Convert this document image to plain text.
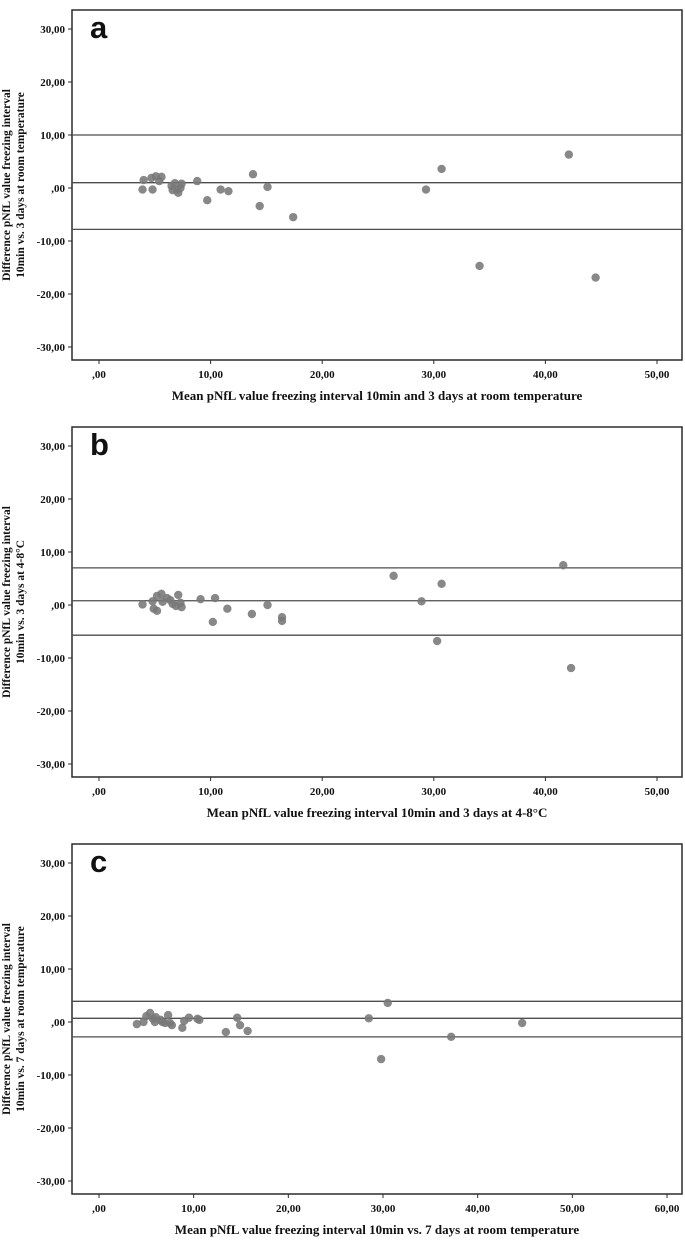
30,00
20,00
10,00
,00
-10,00
-20,00
-30,00
,00	10,00	20,00	30,00	40,00	50,00
a
Difference pNfL value freezing interval 10min vs. 3 days at room temperature
Mean pNfL value freezing interval 10min and 3 days at room temperature
30,00
20,00
10,00
,00
-10,00
-20,00
-30,00
,00	10,00	20,00	30,00	40,00	50,00
b
Difference pNfL value freezing interval 10min vs. 3 days at 4-8°C
Mean pNfL value freezing interval 10min and 3 days at 4-8°C
30,00
20,00
10,00
,00
-10,00
-20,00
-30,00
,00	10,00	20,00	30,00	40,00	50,00	60,00
c
Difference pNfL value freezing interval 10min vs. 7 days at room temperature
Mean pNfL value freezing interval 10min vs. 7 days at room temperature
